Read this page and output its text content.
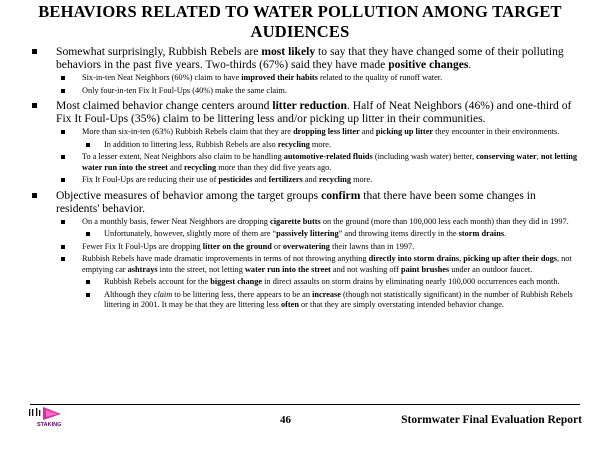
BEHAVIORS RELATED TO WATER POLLUTION AMONG TARGET AUDIENCES
Somewhat surprisingly, Rubbish Rebels are most likely to say that they have changed some of their polluting behaviors in the past five years. Two-thirds (67%) said they have made positive changes.
Six-in-ten Neat Neighbors (60%) claim to have improved their habits related to the quality of runoff water.
Only four-in-ten Fix It Foul-Ups (40%) make the same claim.
Most claimed behavior change centers around litter reduction. Half of Neat Neighbors (46%) and one-third of Fix It Foul-Ups (35%) claim to be littering less and/or picking up litter in their communities.
More than six-in-ten (63%) Rubbish Rebels claim that they are dropping less litter and picking up litter they encounter in their environments.
In addition to littering less, Rubbish Rebels are also recycling more.
To a lesser extent, Neat Neighbors also claim to be handling automotive-related fluids (including wash water) better, conserving water, not letting water run into the street and recycling more than they did five years ago.
Fix It Foul-Ups are reducing their use of pesticides and fertilizers and recycling more.
Objective measures of behavior among the target groups confirm that there have been some changes in residents' behavior.
On a monthly basis, fewer Neat Neighbors are dropping cigarette butts on the ground (more than 100,000 less each month) than they did in 1997.
Unfortunately, however, slightly more of them are “passively littering” and throwing items directly in the storm drains.
Fewer Fix It Foul-Ups are dropping litter on the ground or overwatering their lawns than in 1997.
Rubbish Rebels have made dramatic improvements in terms of not throwing anything directly into storm drains, picking up after their dogs, not emptying car ashtrays into the street, not letting water run into the street and not washing off paint brushes under an outdoor faucet.
Rubbish Rebels account for the biggest change in direct assaults on storm drains by eliminating nearly 100,000 occurrences each month.
Although they claim to be littering less, there appears to be an increase (though not statistically significant) in the number of Rubbish Rebels littering in 2001. It may be that they are littering less often or that they are simply overstating intended behavior change.
STAKING	46	Stormwater Final Evaluation Report
